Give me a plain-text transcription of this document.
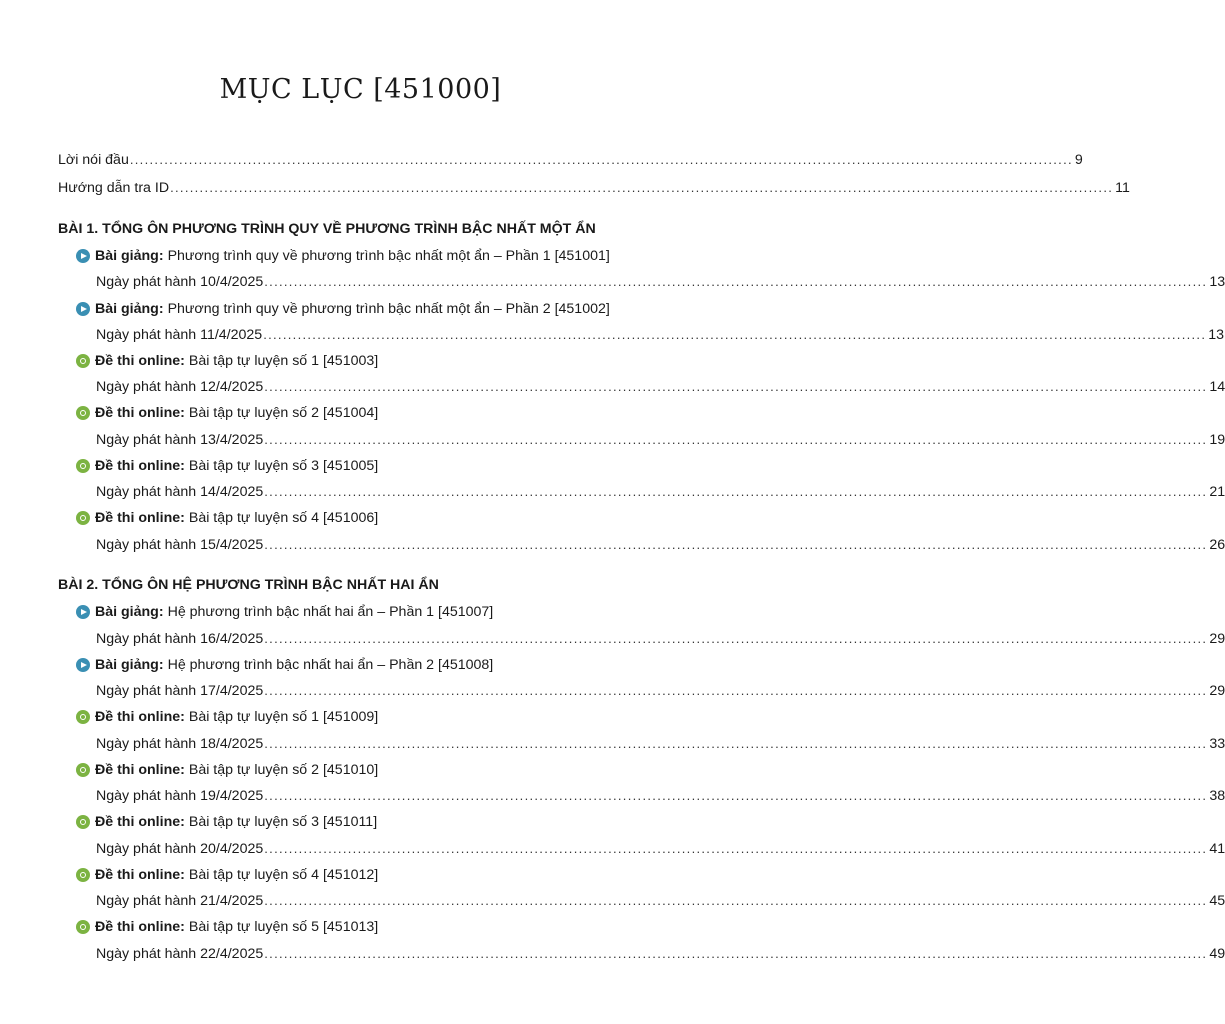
MỤC LỤC [451000]
Lời nói đầu ................................................................................................................................................................................................ 9
Hướng dẫn tra ID ................................................................................................................................................................................................ 11
BÀI 1. TỔNG ÔN PHƯƠNG TRÌNH QUY VỀ PHƯƠNG TRÌNH BẬC NHẤT MỘT ẨN
Bài giảng: Phương trình quy về phương trình bậc nhất một ẩn – Phần 1 [451001]
Ngày phát hành 10/4/2025 ................................................................................................................................................................................................ 13
Bài giảng: Phương trình quy về phương trình bậc nhất một ẩn – Phần 2 [451002]
Ngày phát hành 11/4/2025 ................................................................................................................................................................................................ 13
Đề thi online: Bài tập tự luyện số 1 [451003]
Ngày phát hành 12/4/2025 ................................................................................................................................................................................................ 14
Đề thi online: Bài tập tự luyện số 2 [451004]
Ngày phát hành 13/4/2025 ................................................................................................................................................................................................ 19
Đề thi online: Bài tập tự luyện số 3 [451005]
Ngày phát hành 14/4/2025 ................................................................................................................................................................................................ 21
Đề thi online: Bài tập tự luyện số 4 [451006]
Ngày phát hành 15/4/2025 ................................................................................................................................................................................................ 26
BÀI 2. TỔNG ÔN HỆ PHƯƠNG TRÌNH BẬC NHẤT HAI ẨN
Bài giảng: Hệ phương trình bậc nhất hai ẩn – Phần 1 [451007]
Ngày phát hành 16/4/2025 ................................................................................................................................................................................................ 29
Bài giảng: Hệ phương trình bậc nhất hai ẩn – Phần 2 [451008]
Ngày phát hành 17/4/2025 ................................................................................................................................................................................................ 29
Đề thi online: Bài tập tự luyện số 1 [451009]
Ngày phát hành 18/4/2025 ................................................................................................................................................................................................ 33
Đề thi online: Bài tập tự luyện số 2 [451010]
Ngày phát hành 19/4/2025 ................................................................................................................................................................................................ 38
Đề thi online: Bài tập tự luyện số 3 [451011]
Ngày phát hành 20/4/2025 ................................................................................................................................................................................................ 41
Đề thi online: Bài tập tự luyện số 4 [451012]
Ngày phát hành 21/4/2025 ................................................................................................................................................................................................ 45
Đề thi online: Bài tập tự luyện số 5 [451013]
Ngày phát hành 22/4/2025 ................................................................................................................................................................................................ 49
